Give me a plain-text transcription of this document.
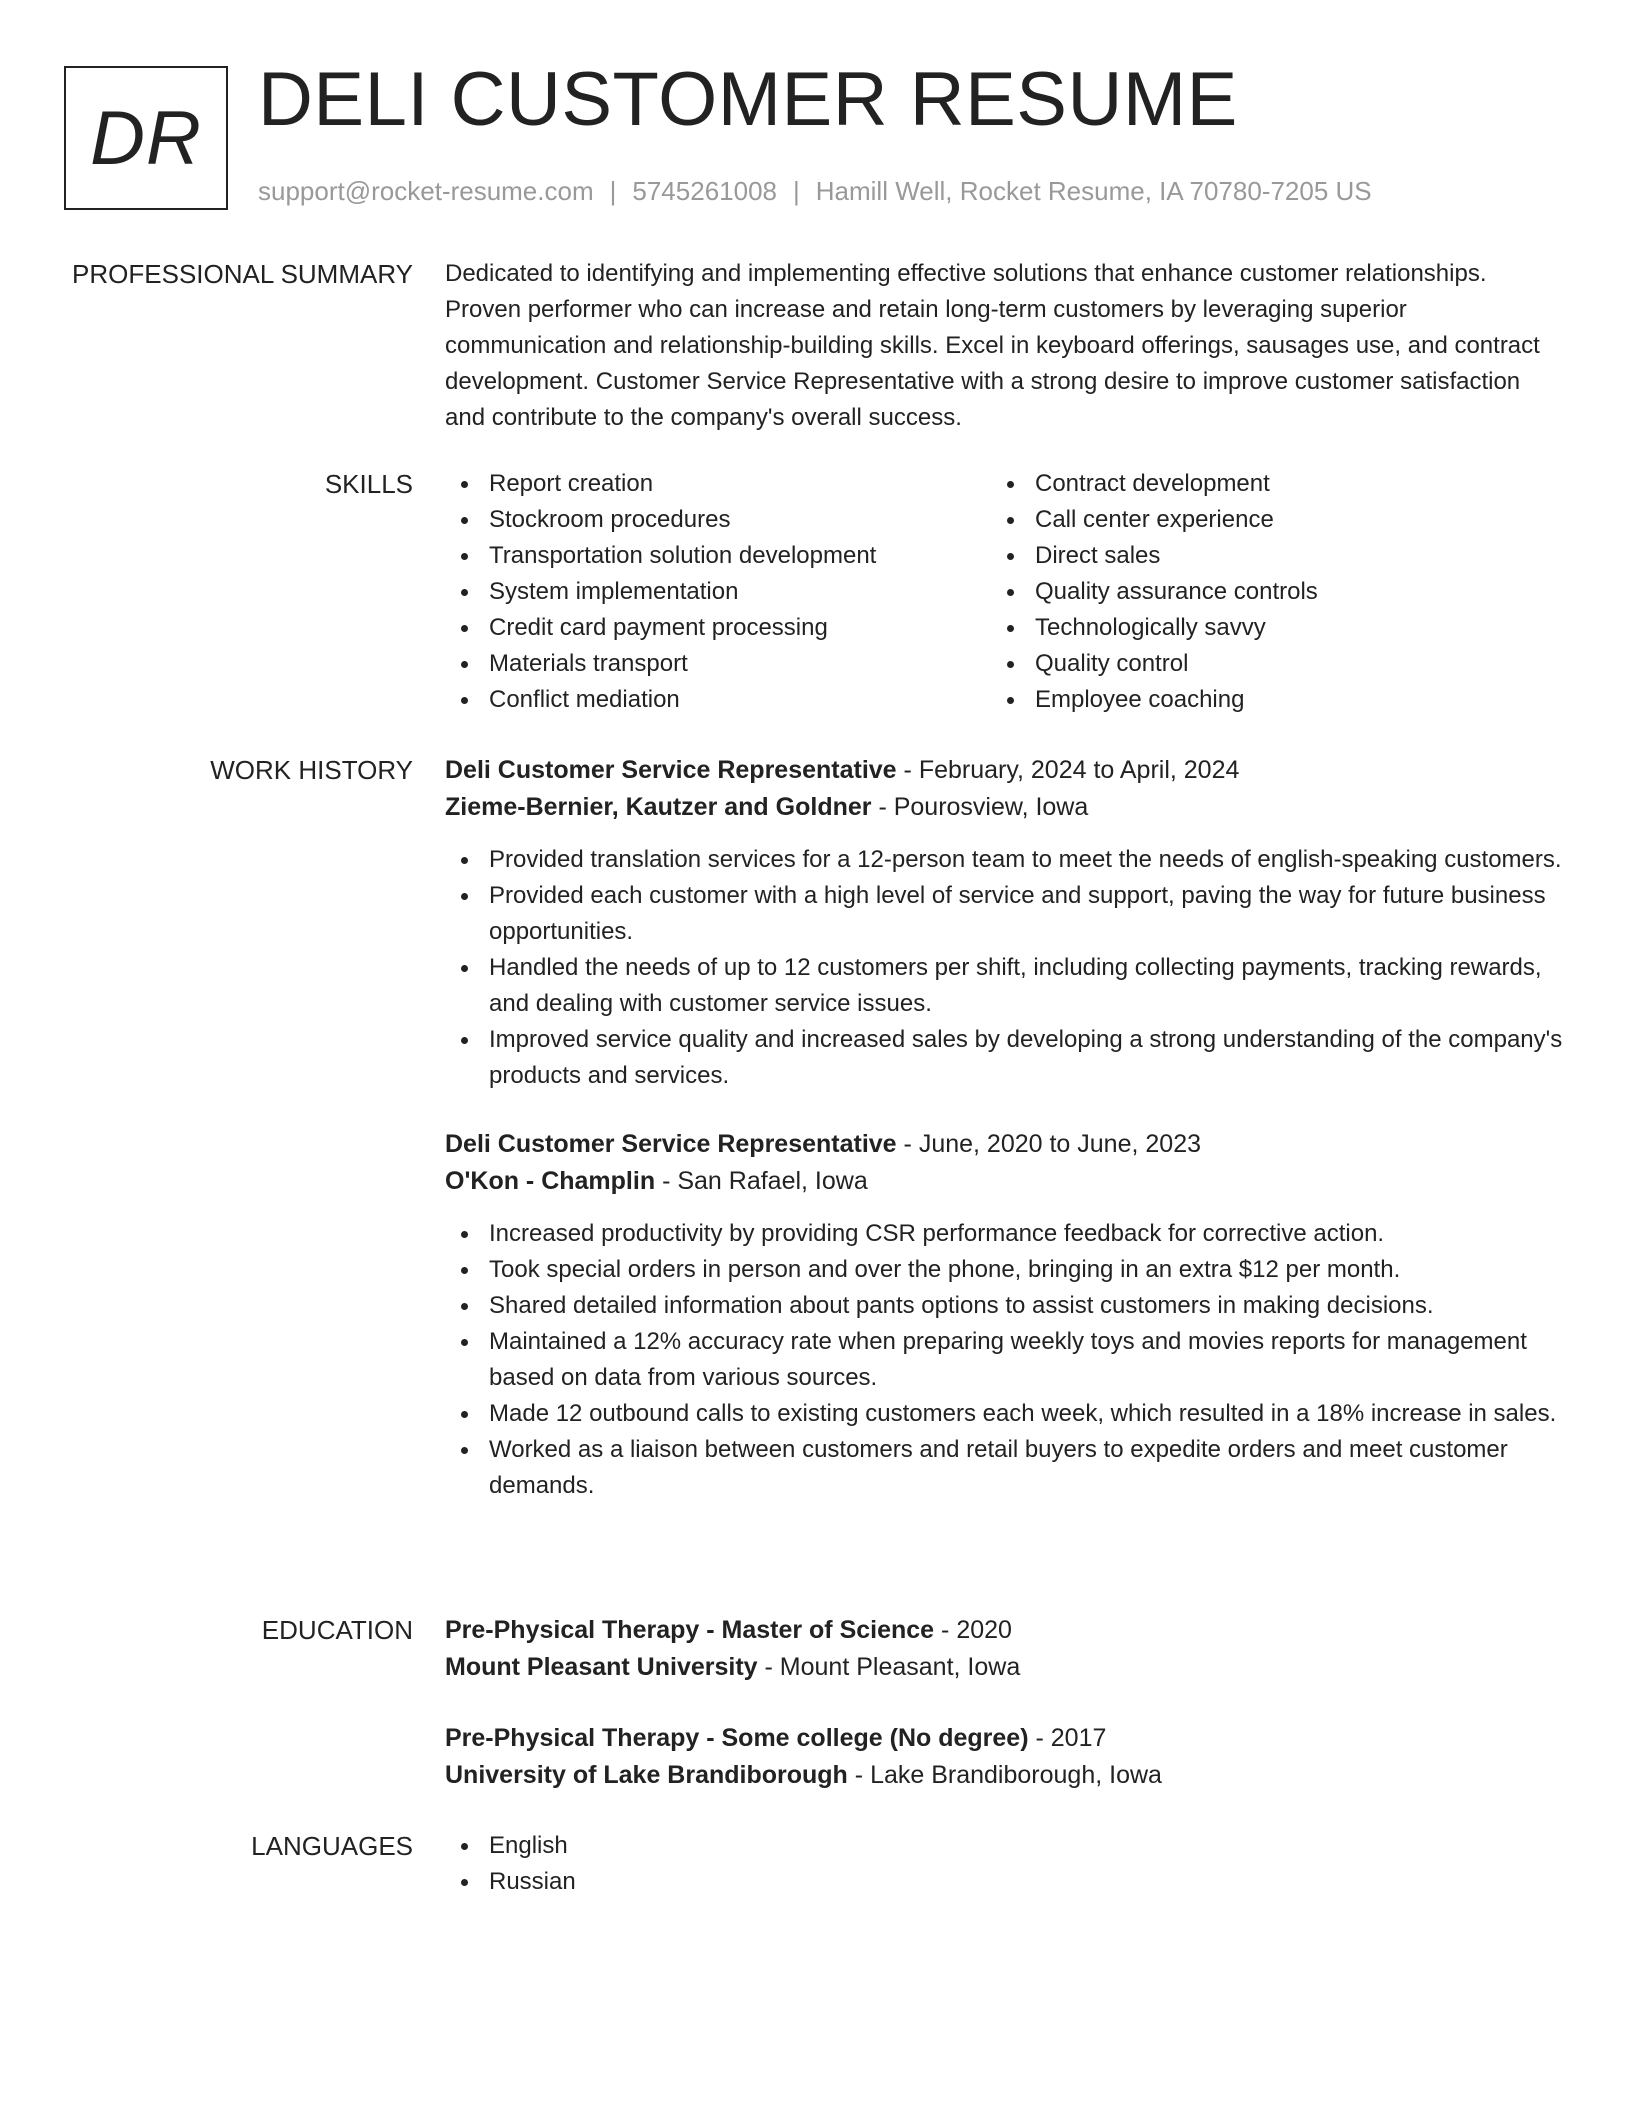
DR DELI CUSTOMER RESUME
support@rocket-resume.com | 5745261008 | Hamill Well, Rocket Resume, IA 70780-7205 US
PROFESSIONAL SUMMARY Dedicated to identifying and implementing effective solutions that enhance customer relationships. Proven performer who can increase and retain long-term customers by leveraging superior communication and relationship-building skills. Excel in keyboard offerings, sausages use, and contract development. Customer Service Representative with a strong desire to improve customer satisfaction and contribute to the company's overall success.
SKILLS	Report creation
Stockroom procedures
Transportation solution development
System implementation
Credit card payment processing
Materials transport
Conflict mediation
Contract development
Call center experience
Direct sales
Quality assurance controls
Technologically savvy
Quality control
Employee coaching
WORK HISTORY Deli Customer Service Representative - February, 2024 to April, 2024
Zieme-Bernier, Kautzer and Goldner - Pourosview, Iowa
Provided translation services for a 12-person team to meet the needs of english-speaking customers.
Provided each customer with a high level of service and support, paving the way for future business opportunities.
Handled the needs of up to 12 customers per shift, including collecting payments, tracking rewards, and dealing with customer service issues.
Improved service quality and increased sales by developing a strong understanding of the company's products and services.
Deli Customer Service Representative - June, 2020 to June, 2023
O'Kon - Champlin - San Rafael, Iowa
Increased productivity by providing CSR performance feedback for corrective action.
Took special orders in person and over the phone, bringing in an extra $12 per month.
Shared detailed information about pants options to assist customers in making decisions.
Maintained a 12% accuracy rate when preparing weekly toys and movies reports for management based on data from various sources.
Made 12 outbound calls to existing customers each week, which resulted in a 18% increase in sales.
Worked as a liaison between customers and retail buyers to expedite orders and meet customer demands.
EDUCATION Pre-Physical Therapy - Master of Science - 2020
Mount Pleasant University - Mount Pleasant, Iowa
Pre-Physical Therapy - Some college (No degree) - 2017
University of Lake Brandiborough - Lake Brandiborough, Iowa
LANGUAGES	English
Russian
